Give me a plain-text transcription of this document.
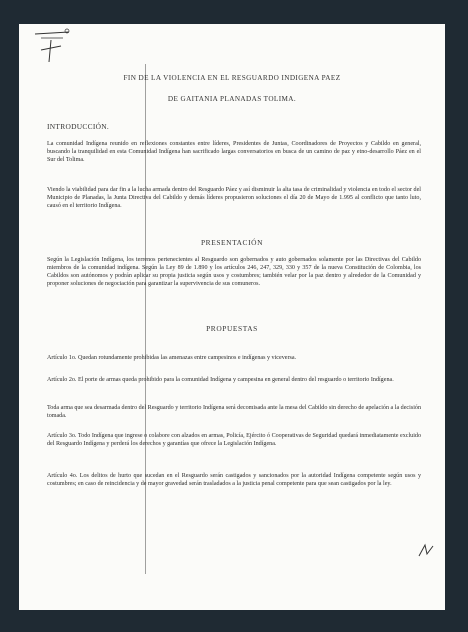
FIN DE LA VIOLENCIA EN EL RESGUARDO INDIGENA PAEZ
DE GAITANIA PLANADAS TOLIMA.
INTRODUCCIÓN.
La comunidad Indígena reunido en reflexiones constantes entre líderes, Presidentes de Juntas, Coordinadores de Proyectos y Cabildo en general, buscando la tranquilidad en esta Comunidad Indígena han sacrificado largas conversatorios en busca de un camino de paz y etno-desarrollo Páez en el Sur del Tolima.
Viendo la viabilidad para dar fin a la lucha armada dentro del Resguardo Páez y así disminuir la alta tasa de criminalidad y violencia en todo el sector del Municipio de Planadas, la Junta Directiva del Cabildo y demás líderes propusieron soluciones el día 20 de Mayo de 1.995 al conflicto que tanto luto, causó en el territorio Indígena.
PRESENTACIÓN
Según la Legislación Indígena, los terrenos pertenecientes al Resguardo son gobernados y auto gobernados solamente por las Directivas del Cabildo miembros de la comunidad indígena. Según la Ley 89 de 1.890 y los artículos 246, 247, 329, 330 y 357 de la nueva Constitución de Colombia, los Cabildos son autónomos y podrán aplicar su propia justicia según usos y costumbres; también velar por la paz dentro y alrededor de la Comunidad y proponer soluciones de negociación para garantizar la supervivencia de sus comuneros.
PROPUESTAS
Artículo 1o. Quedan rotundamente prohibidas las amenazas entre campesinos e indígenas y viceversa.
Artículo 2o. El porte de armas queda prohibido para la comunidad Indígena y campesina en general dentro del resguardo o territorio Indígena.
Toda arma que sea desarmada dentro del Resguardo y territorio Indígena será decomisada ante la mesa del Cabildo sin derecho de apelación a la decisión tomada.
Artículo 3o. Todo Indígena que ingrese o colabore con alzados en armas, Policía, Ejército ó Cooperativas de Seguridad quedará inmediatamente excluido del Resguardo Indígena y perderá los derechos y garantías que ofrece la Legislación Indígena.
Artículo 4o. Los delitos de hurto que sucedan en el Resguardo serán castigados y sancionados por la autoridad Indígena competente según usos y costumbres; en caso de reincidencia y de mayor gravedad serán trasladados a la justicia penal competente para que sean castigados por la ley.
